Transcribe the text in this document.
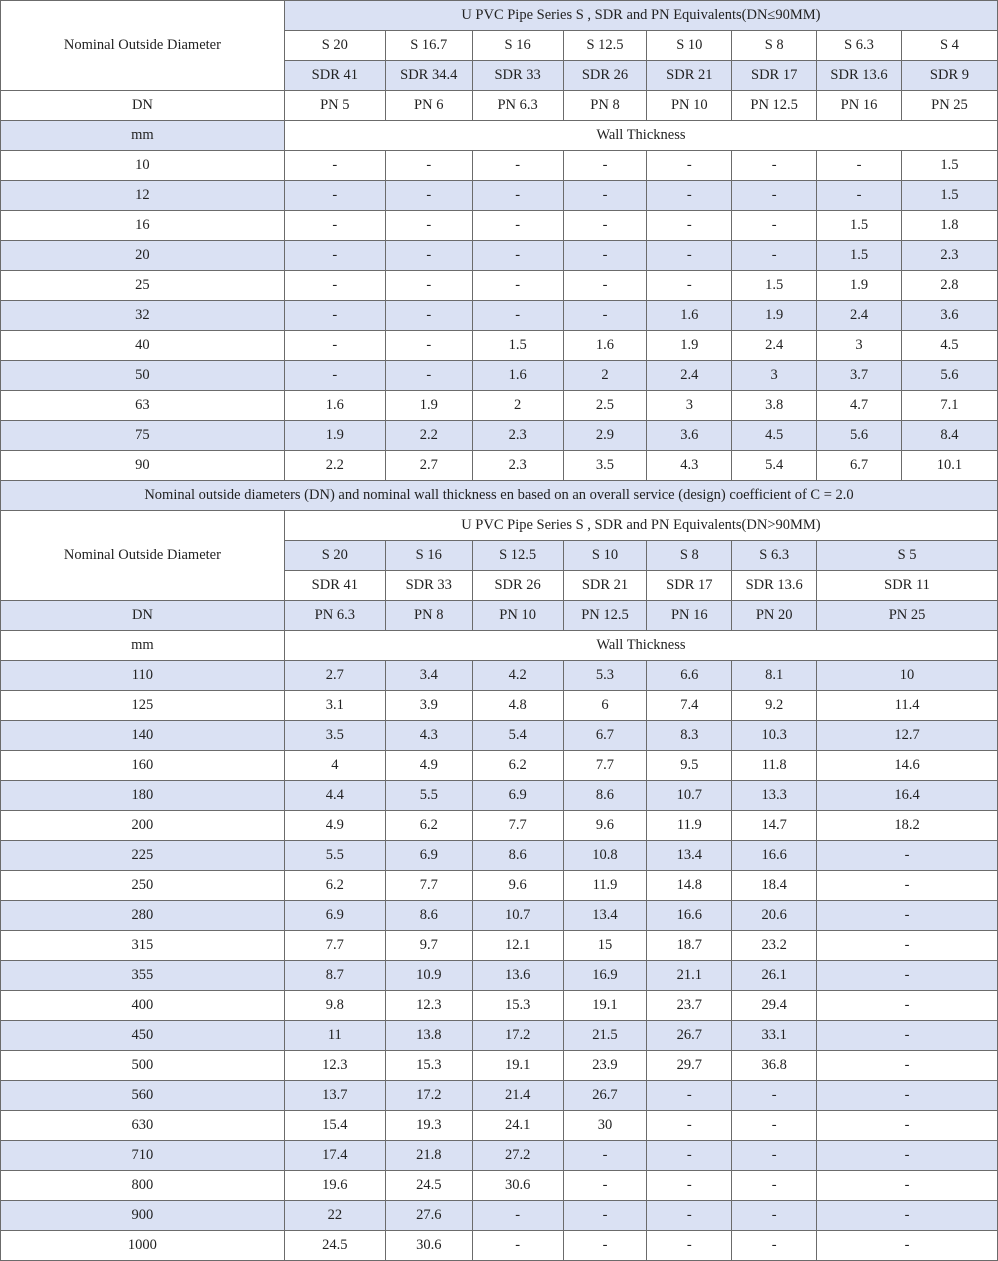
Nominal Outside Diameter	U PVC Pipe Series S , SDR and PN Equivalents(DN≤90MM)							
	S 20	S 16.7	S 16	S 12.5	S 10	S 8	S 6.3	S 4
	SDR 41	SDR 34.4	SDR 33	SDR 26	SDR 21	SDR 17	SDR 13.6	SDR 9
DN	PN 5	PN 6	PN 6.3	PN 8	PN 10	PN 12.5	PN 16	PN 25
mm	Wall Thickness							
10	-	-	-	-	-	-	-	1.5
12	-	-	-	-	-	-	-	1.5
16	-	-	-	-	-	-	1.5	1.8
20	-	-	-	-	-	-	1.5	2.3
25	-	-	-	-	-	1.5	1.9	2.8
32	-	-	-	-	1.6	1.9	2.4	3.6
40	-	-	1.5	1.6	1.9	2.4	3	4.5
50	-	-	1.6	2	2.4	3	3.7	5.6
63	1.6	1.9	2	2.5	3	3.8	4.7	7.1
75	1.9	2.2	2.3	2.9	3.6	4.5	5.6	8.4
90	2.2	2.7	2.3	3.5	4.3	5.4	6.7	10.1
Nominal outside diameters (DN) and nominal wall thickness en based on an overall service (design) coefficient of C = 2.0								
Nominal Outside Diameter	U PVC Pipe Series S , SDR and PN Equivalents(DN>90MM)							
	S 20	S 16	S 12.5	S 10	S 8	S 6.3	S 5	
	SDR 41	SDR 33	SDR 26	SDR 21	SDR 17	SDR 13.6	SDR 11	
DN	PN 6.3	PN 8	PN 10	PN 12.5	PN 16	PN 20	PN 25	
mm	Wall Thickness							
110	2.7	3.4	4.2	5.3	6.6	8.1	10	
125	3.1	3.9	4.8	6	7.4	9.2	11.4	
140	3.5	4.3	5.4	6.7	8.3	10.3	12.7	
160	4	4.9	6.2	7.7	9.5	11.8	14.6	
180	4.4	5.5	6.9	8.6	10.7	13.3	16.4	
200	4.9	6.2	7.7	9.6	11.9	14.7	18.2	
225	5.5	6.9	8.6	10.8	13.4	16.6	-	
250	6.2	7.7	9.6	11.9	14.8	18.4	-	
280	6.9	8.6	10.7	13.4	16.6	20.6	-	
315	7.7	9.7	12.1	15	18.7	23.2	-	
355	8.7	10.9	13.6	16.9	21.1	26.1	-	
400	9.8	12.3	15.3	19.1	23.7	29.4	-	
450	11	13.8	17.2	21.5	26.7	33.1	-	
500	12.3	15.3	19.1	23.9	29.7	36.8	-	
560	13.7	17.2	21.4	26.7	-	-	-	
630	15.4	19.3	24.1	30	-	-	-	
710	17.4	21.8	27.2	-	-	-	-	
800	19.6	24.5	30.6	-	-	-	-	
900	22	27.6	-	-	-	-	-	
1000	24.5	30.6	-	-	-	-	-	
